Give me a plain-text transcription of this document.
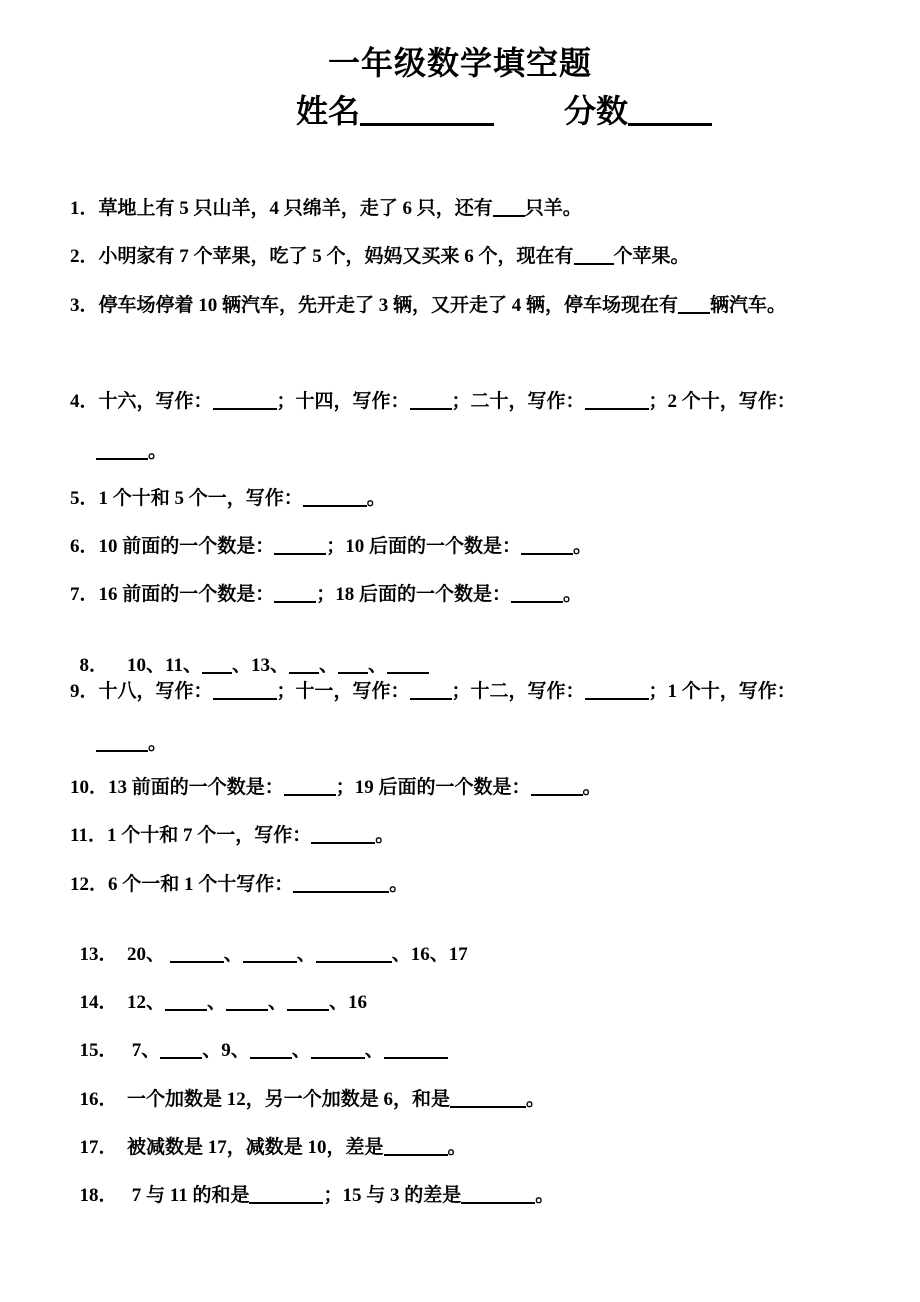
一年级数学填空题
姓名	分数
1．草地上有 5 只山羊，4 只绵羊，走了 6 只，还有 只羊。
2．小明家有 7 个苹果，吃了 5 个，妈妈又买来 6 个，现在有 个苹果。
3．停车场停着 10 辆汽车，先开走了 3 辆，又开走了 4 辆，停车场现在有 辆汽车。
4．十六，写作：	；十四，写作： ；二十，写作：	；2 个十，写作：
。
5．1 个十和 5 个一，写作：	。
6．10 前面的一个数是：	；10 后面的一个数是：	。
7．16 前面的一个数是： ；18 后面的一个数是：	。

8．    10、11、 、13、 、 、

9．十八，写作：	；十一，写作： ；十二，写作：	；1 个十，写作：
。
10．13 前面的一个数是：	；19 后面的一个数是：	。
11．1 个十和 7 个一，写作：	。
12．6 个一和 1 个十写作：	。

13．  20、	、	、	、16、17

14．  12、 、 、 、16

15．   7、 、9、 、	、

16．  一个加数是 12，另一个加数是 6，和是	。

17．  被减数是 17，减数是 10，差是	。

18．   7 与 11 的和是	；15 与 3 的差是	。
